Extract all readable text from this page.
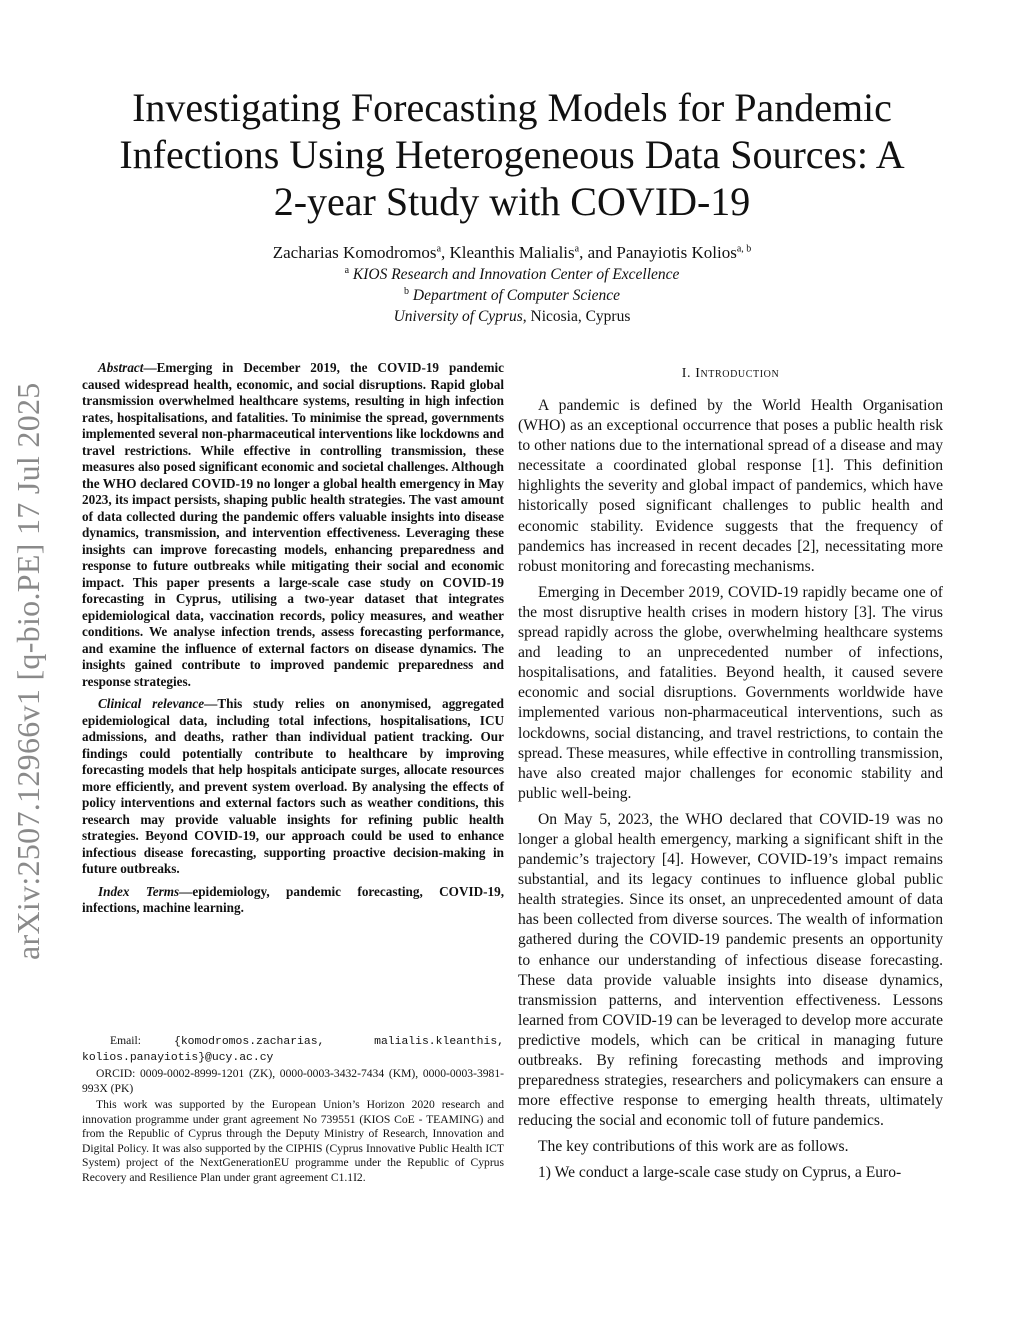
arXiv:2507.12966v1 [q-bio.PE] 17 Jul 2025
Investigating Forecasting Models for Pandemic
Infections Using Heterogeneous Data Sources: A
2-year Study with COVID-19
Zacharias Komodromos$^a$, Kleanthis Malialis$^a$, and Panayiotis Kolios$^{a, b}$
$^a$ KIOS Research and Innovation Center of Excellence
$^b$ Department of Computer Science
University of Cyprus, Nicosia, Cyprus

Abstract—Emerging in December 2019, the COVID-19 pandemic caused widespread health, economic, and social disruptions. Rapid global transmission overwhelmed healthcare systems, resulting in high infection rates, hospitalisations, and fatalities. To minimise the spread, governments implemented several non-pharmaceutical interventions like lockdowns and travel restrictions. While effective in controlling transmission, these measures also posed significant economic and societal challenges. Although the WHO declared COVID-19 no longer a global health emergency in May 2023, its impact persists, shaping public health strategies. The vast amount of data collected during the pandemic offers valuable insights into disease dynamics, transmission, and intervention effectiveness. Leveraging these insights can improve forecasting models, enhancing preparedness and response to future outbreaks while mitigating their social and economic impact. This paper presents a large-scale case study on COVID-19 forecasting in Cyprus, utilising a two-year dataset that integrates epidemiological data, vaccination records, policy measures, and weather conditions. We analyse infection trends, assess forecasting performance, and examine the influence of external factors on disease dynamics. The insights gained contribute to improved pandemic preparedness and response strategies.

Clinical relevance—This study relies on anonymised, aggregated epidemiological data, including total infections, hospitalisations, ICU admissions, and deaths, rather than individual patient tracking. Our findings could potentially contribute to healthcare by improving forecasting models that help hospitals anticipate surges, allocate resources more efficiently, and prevent system overload. By analysing the effects of policy interventions and external factors such as weather conditions, this research may provide valuable insights for refining public health strategies. Beyond COVID-19, our approach could be used to enhance infectious disease forecasting, supporting proactive decision-making in future outbreaks.

Index Terms—epidemiology, pandemic forecasting, COVID-19, infections, machine learning.

Email:	{komodromos.zacharias, malialis.kleanthis, kolios.panayiotis}@ucy.ac.cy

ORCID: 0009-0002-8999-1201 (ZK), 0000-0003-3432-7434 (KM), 0000-0003-3981-993X (PK)

This work was supported by the European Union’s Horizon 2020 research and innovation programme under grant agreement No 739551 (KIOS CoE - TEAMING) and from the Republic of Cyprus through the Deputy Ministry of Research, Innovation and Digital Policy. It was also supported by the CIPHIS (Cyprus Innovative Public Health ICT System) project of the NextGenerationEU programme under the Republic of Cyprus Recovery and Resilience Plan under grant agreement C1.1I2.

I. Introduction

A pandemic is defined by the World Health Organisation (WHO) as an exceptional occurrence that poses a public health risk to other nations due to the international spread of a disease and may necessitate a coordinated global response [1]. This definition highlights the severity and global impact of pandemics, which have historically posed significant challenges to public health and economic stability. Evidence suggests that the frequency of pandemics has increased in recent decades [2], necessitating more robust monitoring and forecasting mechanisms.

Emerging in December 2019, COVID-19 rapidly became one of the most disruptive health crises in modern history [3]. The virus spread rapidly across the globe, overwhelming healthcare systems and leading to an unprecedented number of infections, hospitalisations, and fatalities. Beyond health, it caused severe economic and social disruptions. Governments worldwide have implemented various non-pharmaceutical interventions, such as lockdowns, social distancing, and travel restrictions, to contain the spread. These measures, while effective in controlling transmission, have also created major challenges for economic stability and public well-being.

On May 5, 2023, the WHO declared that COVID-19 was no longer a global health emergency, marking a significant shift in the pandemic’s trajectory [4]. However, COVID-19’s impact remains substantial, and its legacy continues to influence global public health strategies. Since its onset, an unprecedented amount of data has been collected from diverse sources. The wealth of information gathered during the COVID-19 pandemic presents an opportunity to enhance our understanding of infectious disease forecasting. These data provide valuable insights into disease dynamics, transmission patterns, and intervention effectiveness. Lessons learned from COVID-19 can be leveraged to develop more accurate predictive models, which can be critical in managing future outbreaks. By refining forecasting methods and improving preparedness strategies, researchers and policymakers can ensure a more effective response to emerging health threats, ultimately reducing the social and economic toll of future pandemics.

The key contributions of this work are as follows.

1) We conduct a large-scale case study on Cyprus, a Euro-
